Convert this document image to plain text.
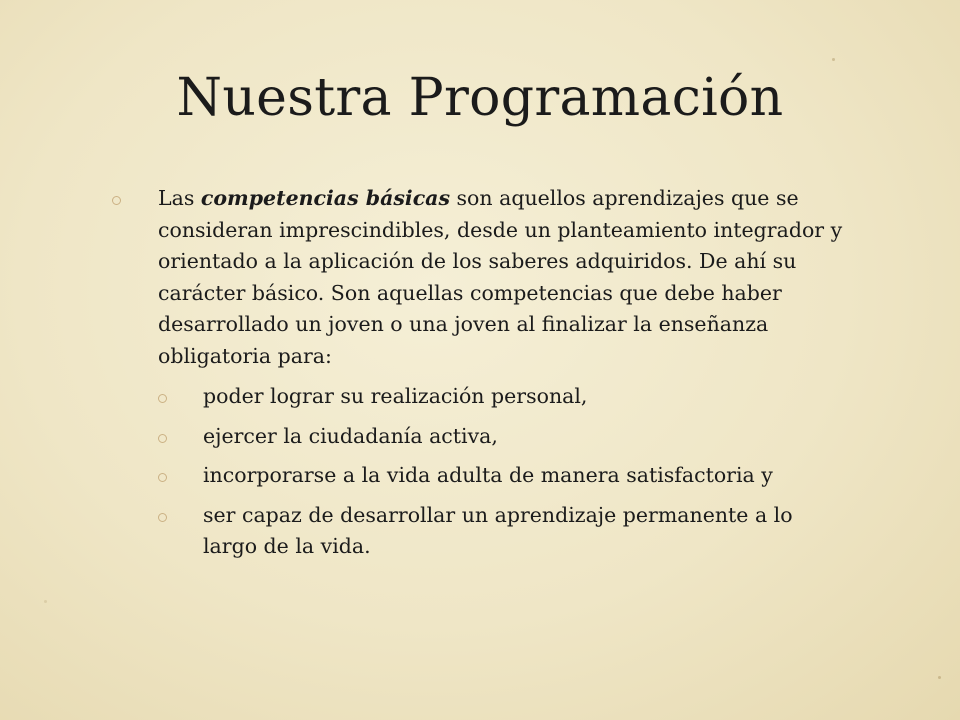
Nuestra Programación

Las competencias básicas son aquellos aprendizajes que se consideran imprescindibles, desde un planteamiento integrador y orientado a la aplicación de los saberes adquiridos. De ahí su carácter básico. Son aquellas competencias que debe haber desarrollado un joven o una joven al finalizar la enseñanza obligatoria para:

poder lograr su realización personal,

ejercer la ciudadanía activa,

incorporarse a la vida adulta de manera satisfactoria y

ser capaz de desarrollar un aprendizaje permanente a lo largo de la vida.
